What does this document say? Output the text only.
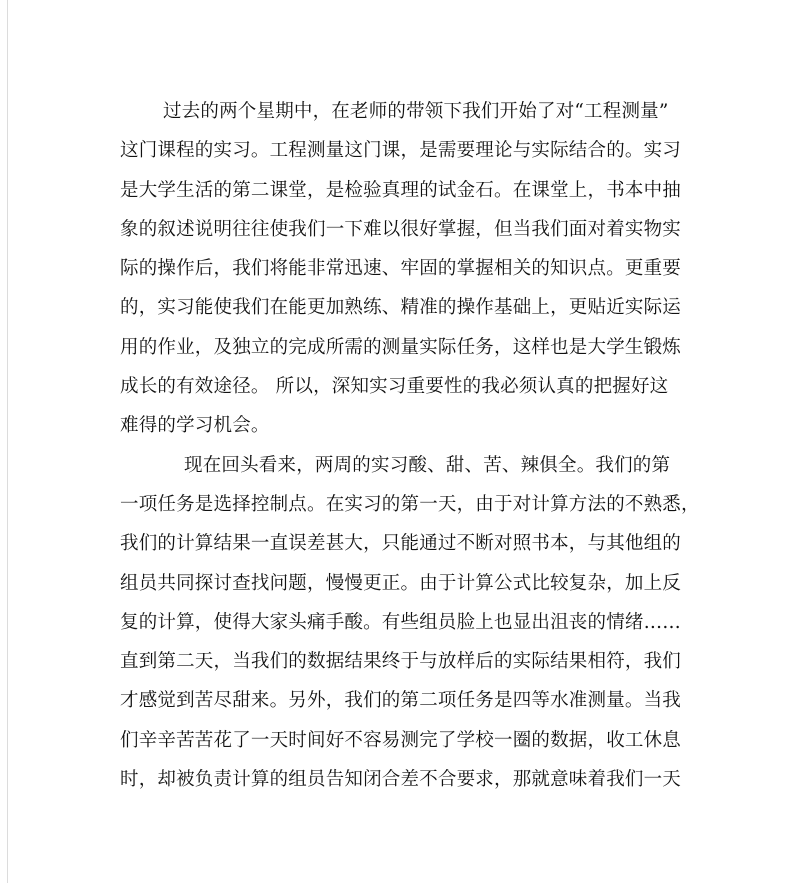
过去的两个星期中，在老师的带领下我们开始了对“工程测量”
这门课程的实习。工程测量这门课，是需要理论与实际结合的。实习
是大学生活的第二课堂，是检验真理的试金石。在课堂上，书本中抽
象的叙述说明往往使我们一下难以很好掌握，但当我们面对着实物实
际的操作后，我们将能非常迅速、牢固的掌握相关的知识点。更重要
的，实习能使我们在能更加熟练、精准的操作基础上，更贴近实际运
用的作业，及独立的完成所需的测量实际任务，这样也是大学生锻炼
成长的有效途径。 所以，深知实习重要性的我必须认真的把握好这
难得的学习机会。
现在回头看来，两周的实习酸、甜、苦、辣俱全。我们的第
一项任务是选择控制点。在实习的第一天，由于对计算方法的不熟悉，
我们的计算结果一直误差甚大，只能通过不断对照书本，与其他组的
组员共同探讨查找问题，慢慢更正。由于计算公式比较复杂，加上反
复的计算，使得大家头痛手酸。有些组员脸上也显出沮丧的情绪……
直到第二天，当我们的数据结果终于与放样后的实际结果相符，我们
才感觉到苦尽甜来。另外，我们的第二项任务是四等水准测量。当我
们辛辛苦苦花了一天时间好不容易测完了学校一圈的数据，收工休息
时，却被负责计算的组员告知闭合差不合要求，那就意味着我们一天
